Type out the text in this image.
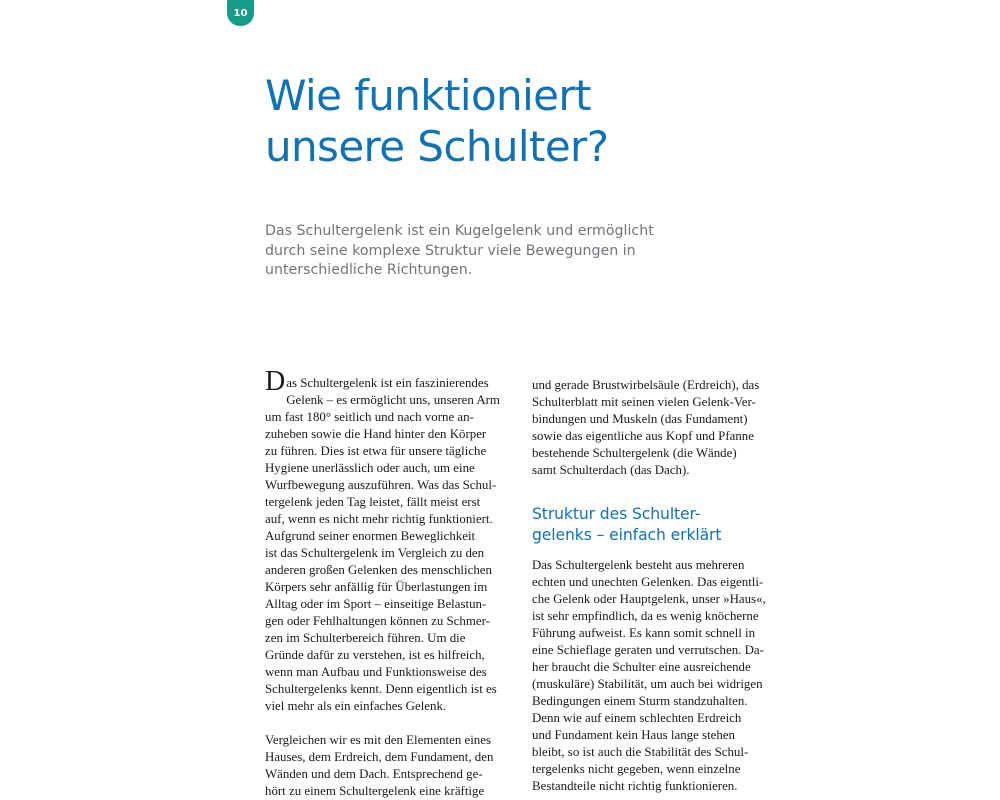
10
Wie funktioniert
unsere Schulter?

Das Schultergelenk ist ein Kugelgelenk und ermöglicht
durch seine komplexe Struktur viele Bewegungen in
unterschiedliche Richtungen.

D as Schultergelenk ist ein faszinierendes
Gelenk – es ermöglicht uns, unseren Arm
um fast 180° seitlich und nach vorne an-
zuheben sowie die Hand hinter den Körper
zu führen. Dies ist etwa für unsere tägliche
Hygiene unerlässlich oder auch, um eine
Wurfbewegung auszuführen. Was das Schul-
tergelenk jeden Tag leistet, fällt meist erst
auf, wenn es nicht mehr richtig funktioniert.
Aufgrund seiner enormen Beweglichkeit
ist das Schultergelenk im Vergleich zu den
anderen großen Gelenken des menschlichen
Körpers sehr anfällig für Überlastungen im
Alltag oder im Sport – einseitige Belastun-
gen oder Fehlhaltungen können zu Schmer-
zen im Schulterbereich führen. Um die
Gründe dafür zu verstehen, ist es hilfreich,
wenn man Aufbau und Funktionsweise des
Schultergelenks kennt. Denn eigentlich ist es
viel mehr als ein einfaches Gelenk.

Vergleichen wir es mit den Elementen eines
Hauses, dem Erdreich, dem Fundament, den
Wänden und dem Dach. Entsprechend ge-
hört zu einem Schultergelenk eine kräftige

und gerade Brustwirbelsäule (Erdreich), das
Schulterblatt mit seinen vielen Gelenk-Ver-
bindungen und Muskeln (das Fundament)
sowie das eigentliche aus Kopf und Pfanne
bestehende Schultergelenk (die Wände)
samt Schulterdach (das Dach).

Struktur des Schulter-
gelenks – einfach erklärt

Das Schultergelenk besteht aus mehreren
echten und unechten Gelenken. Das eigentli-
che Gelenk oder Hauptgelenk, unser »Haus«,
ist sehr empfindlich, da es wenig knöcherne
Führung aufweist. Es kann somit schnell in
eine Schieflage geraten und verrutschen. Da-
her braucht die Schulter eine ausreichende
(muskuläre) Stabilität, um auch bei widrigen
Bedingungen einem Sturm standzuhalten.
Denn wie auf einem schlechten Erdreich
und Fundament kein Haus lange stehen
bleibt, so ist auch die Stabilität des Schul-
tergelenks nicht gegeben, wenn einzelne
Bestandteile nicht richtig funktionieren.
